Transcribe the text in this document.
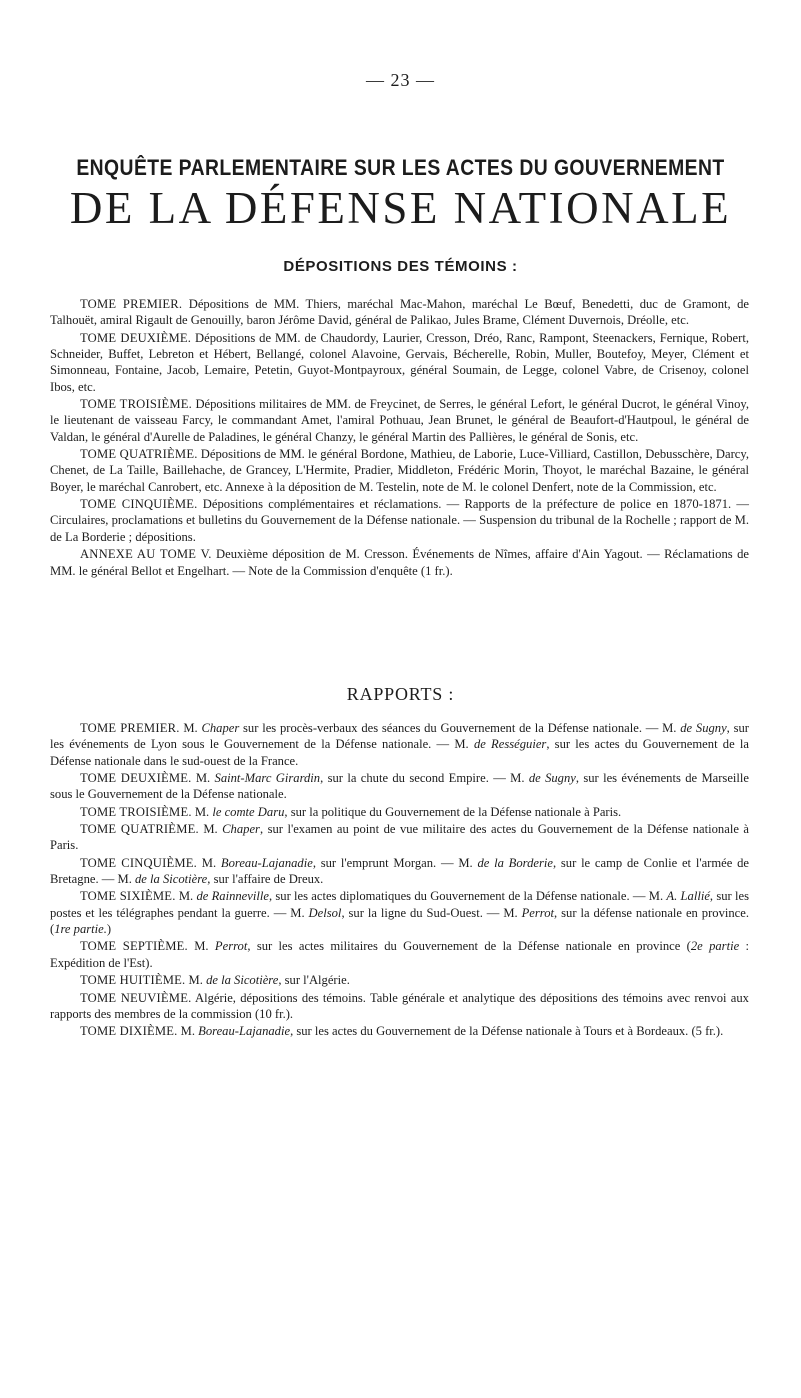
— 23 —
ENQUÊTE PARLEMENTAIRE SUR LES ACTES DU GOUVERNEMENT
DE LA DÉFENSE NATIONALE
DÉPOSITIONS DES TÉMOINS :

TOME PREMIER. Dépositions de MM. Thiers, maréchal Mac-Mahon, maréchal Le Bœuf, Benedetti, duc de Gramont, de Talhouët, amiral Rigault de Genouilly, baron Jérôme David, général de Palikao, Jules Brame, Clément Duvernois, Dréolle, etc.

TOME DEUXIÈME. Dépositions de MM. de Chaudordy, Laurier, Cresson, Dréo, Ranc, Rampont, Steenackers, Fernique, Robert, Schneider, Buffet, Lebreton et Hébert, Bellangé, colonel Alavoine, Gervais, Bécherelle, Robin, Muller, Boutefoy, Meyer, Clément et Simonneau, Fontaine, Jacob, Lemaire, Petetin, Guyot-Montpayroux, général Soumain, de Legge, colonel Vabre, de Crisenoy, colonel Ibos, etc.

TOME TROISIÈME. Dépositions militaires de MM. de Freycinet, de Serres, le général Lefort, le général Ducrot, le général Vinoy, le lieutenant de vaisseau Farcy, le commandant Amet, l'amiral Pothuau, Jean Brunet, le général de Beaufort-d'Hautpoul, le général de Valdan, le général d'Aurelle de Paladines, le général Chanzy, le général Martin des Pallières, le général de Sonis, etc.

TOME QUATRIÈME. Dépositions de MM. le général Bordone, Mathieu, de Laborie, Luce-Villiard, Castillon, Debusschère, Darcy, Chenet, de La Taille, Baillehache, de Grancey, L'Hermite, Pradier, Middleton, Frédéric Morin, Thoyot, le maréchal Bazaine, le général Boyer, le maréchal Canrobert, etc. Annexe à la déposition de M. Testelin, note de M. le colonel Denfert, note de la Commission, etc.

TOME CINQUIÈME. Dépositions complémentaires et réclamations. — Rapports de la préfecture de police en 1870-1871. — Circulaires, proclamations et bulletins du Gouvernement de la Défense nationale. — Suspension du tribunal de la Rochelle ; rapport de M. de La Borderie ; dépositions.

ANNEXE AU TOME V. Deuxième déposition de M. Cresson. Événements de Nîmes, affaire d'Ain Yagout. — Réclamations de MM. le général Bellot et Engelhart. — Note de la Commission d'enquête (1 fr.).

RAPPORTS :

TOME PREMIER. M. Chaper sur les procès-verbaux des séances du Gouvernement de la Défense nationale. — M. de Sugny, sur les événements de Lyon sous le Gouvernement de la Défense nationale. — M. de Rességuier, sur les actes du Gouvernement de la Défense nationale dans le sud-ouest de la France.

TOME DEUXIÈME. M. Saint-Marc Girardin, sur la chute du second Empire. — M. de Sugny, sur les événements de Marseille sous le Gouvernement de la Défense nationale.

TOME TROISIÈME. M. le comte Daru, sur la politique du Gouvernement de la Défense nationale à Paris.

TOME QUATRIÈME. M. Chaper, sur l'examen au point de vue militaire des actes du Gouvernement de la Défense nationale à Paris.

TOME CINQUIÈME. M. Boreau-Lajanadie, sur l'emprunt Morgan. — M. de la Borderie, sur le camp de Conlie et l'armée de Bretagne. — M. de la Sicotière, sur l'affaire de Dreux.

TOME SIXIÈME. M. de Rainneville, sur les actes diplomatiques du Gouvernement de la Défense nationale. — M. A. Lallié, sur les postes et les télégraphes pendant la guerre. — M. Delsol, sur la ligne du Sud-Ouest. — M. Perrot, sur la défense nationale en province. (1re partie.)

TOME SEPTIÈME. M. Perrot, sur les actes militaires du Gouvernement de la Défense nationale en province (2e partie : Expédition de l'Est).

TOME HUITIÈME. M. de la Sicotière, sur l'Algérie.

TOME NEUVIÈME. Algérie, dépositions des témoins. Table générale et analytique des dépositions des témoins avec renvoi aux rapports des membres de la commission (10 fr.).

TOME DIXIÈME. M. Boreau-Lajanadie, sur les actes du Gouvernement de la Défense nationale à Tours et à Bordeaux. (5 fr.).
